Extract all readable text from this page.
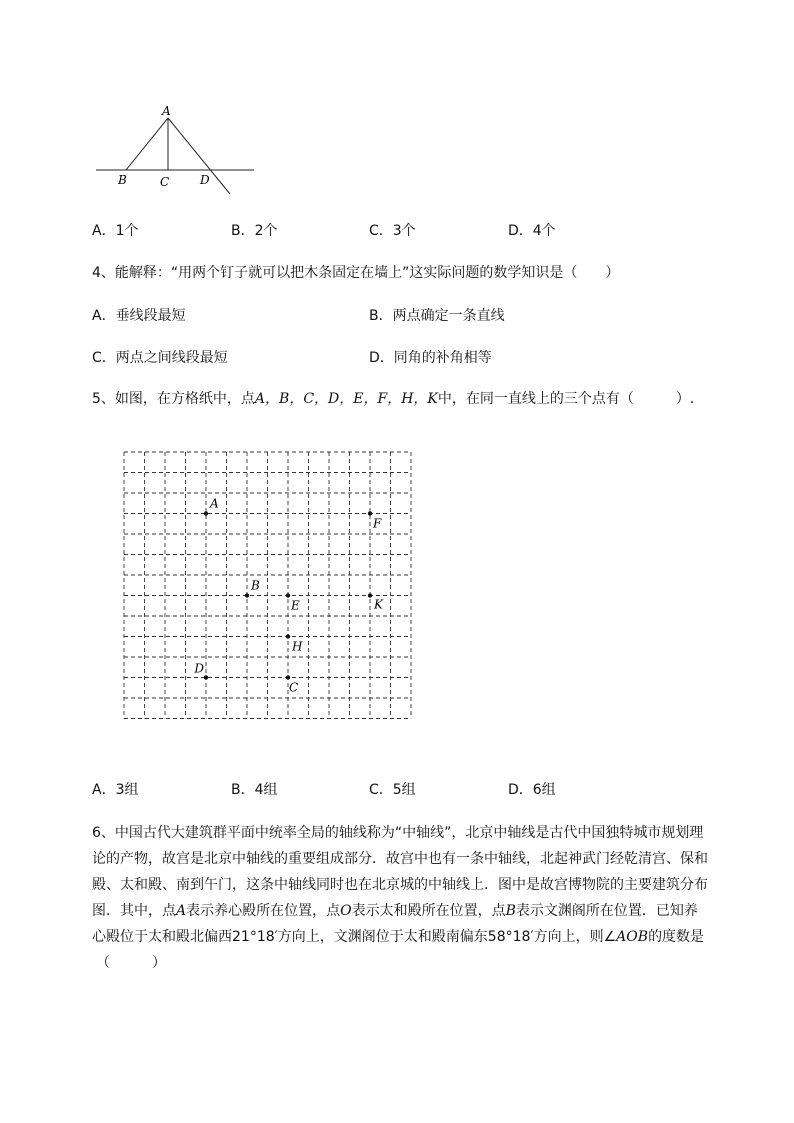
A
B	C	D
A．1个	B．2个	C．3个	D．4个
4、能解释：“用两个钉子就可以把木条固定在墙上”这实际问题的数学知识是（　　）
A．垂线段最短	B．两点确定一条直线
C．两点之间线段最短	D．同角的补角相等
5、如图，在方格纸中，点A，B，C，D，E，F，H，K中，在同一直线上的三个点有（　　　）.
A
F
B
E	K
H
D
C
A．3组	B．4组	C．5组	D．6组
6、中国古代大建筑群平面中统率全局的轴线称为“中轴线”，北京中轴线是古代中国独特城市规划理
论的产物，故宫是北京中轴线的重要组成部分．故宫中也有一条中轴线，北起神武门经乾清宫、保和
殿、太和殿、南到午门，这条中轴线同时也在北京城的中轴线上．图中是故宫博物院的主要建筑分布
图．其中，点A表示养心殿所在位置，点O表示太和殿所在位置，点B表示文渊阁所在位置．已知养
心殿位于太和殿北偏西21°18′方向上，文渊阁位于太和殿南偏东58°18′方向上，则∠AOB的度数是
（　　　）
